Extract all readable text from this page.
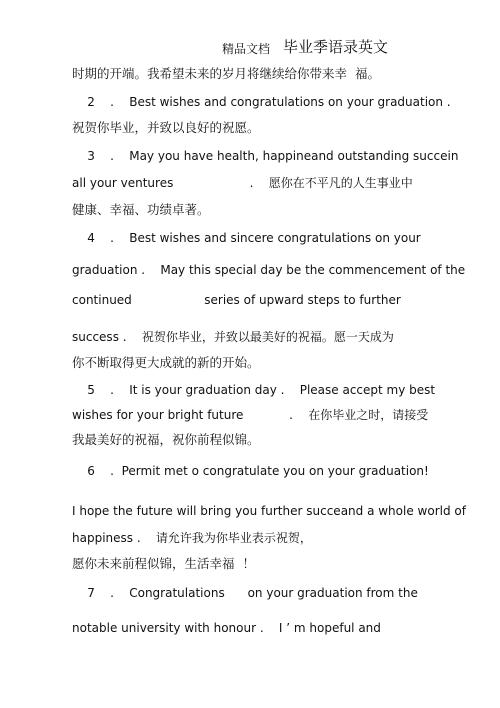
精品文档 毕业季语录英文
时期的开端。我希望未来的岁月将继续给你带来幸  福。
2    .    Best wishes and congratulations on your graduation .
祝贺你毕业，并致以良好的祝愿。
3    .    May you have health, happineand outstanding succein
all your ventures                    .    愿你在不平凡的人生事业中
健康、幸福、功绩卓著。
4    .    Best wishes and sincere congratulations on your
graduation .    May this special day be the commencement of the
continued                   series of upward steps to further
success .    祝贺你毕业，并致以最美好的祝福。愿一天成为
你不断取得更大成就的新的开始。
5    .    It is your graduation day .    Please accept my best
wishes for your bright future            .    在你毕业之时，请接受
我最美好的祝福，祝你前程似锦。
6    .  Permit met o congratulate you on your graduation!
I hope the future will bring you further succeand a whole world of
happiness .    请允许我为你毕业表示祝贺，
愿你未来前程似锦，生活幸福  ！
7    .    Congratulations      on your graduation from the
notable university with honour .    I ’ m hopeful and
